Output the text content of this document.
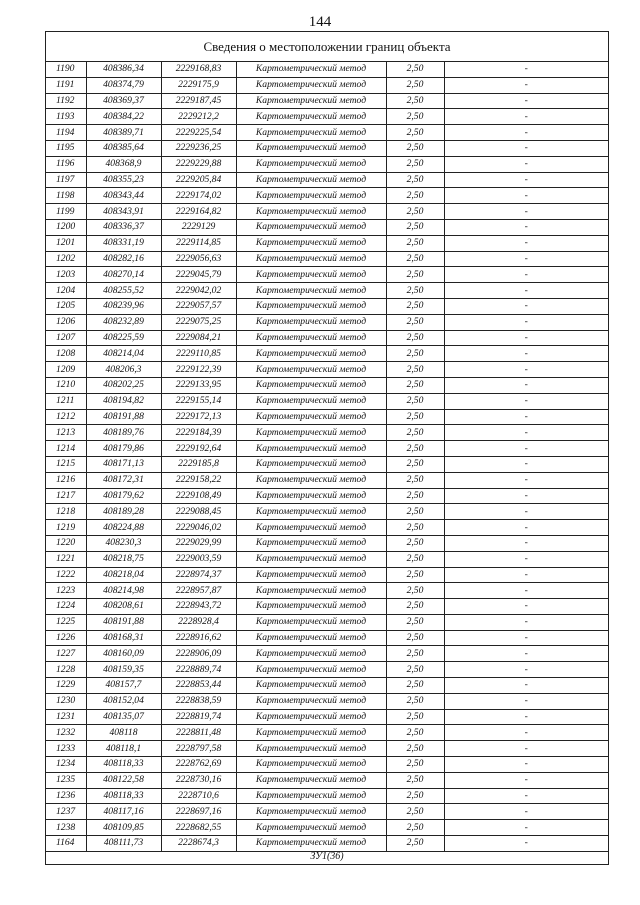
144
Сведения о местоположении границ объекта
1190	408386,34	2229168,83	Картометрический метод	2,50	-
1191	408374,79	2229175,9	Картометрический метод	2,50	-
1192	408369,37	2229187,45	Картометрический метод	2,50	-
1193	408384,22	2229212,2	Картометрический метод	2,50	-
1194	408389,71	2229225,54	Картометрический метод	2,50	-
1195	408385,64	2229236,25	Картометрический метод	2,50	-
1196	408368,9	2229229,88	Картометрический метод	2,50	-
1197	408355,23	2229205,84	Картометрический метод	2,50	-
1198	408343,44	2229174,02	Картометрический метод	2,50	-
1199	408343,91	2229164,82	Картометрический метод	2,50	-
1200	408336,37	2229129	Картометрический метод	2,50	-
1201	408331,19	2229114,85	Картометрический метод	2,50	-
1202	408282,16	2229056,63	Картометрический метод	2,50	-
1203	408270,14	2229045,79	Картометрический метод	2,50	-
1204	408255,52	2229042,02	Картометрический метод	2,50	-
1205	408239,96	2229057,57	Картометрический метод	2,50	-
1206	408232,89	2229075,25	Картометрический метод	2,50	-
1207	408225,59	2229084,21	Картометрический метод	2,50	-
1208	408214,04	2229110,85	Картометрический метод	2,50	-
1209	408206,3	2229122,39	Картометрический метод	2,50	-
1210	408202,25	2229133,95	Картометрический метод	2,50	-
1211	408194,82	2229155,14	Картометрический метод	2,50	-
1212	408191,88	2229172,13	Картометрический метод	2,50	-
1213	408189,76	2229184,39	Картометрический метод	2,50	-
1214	408179,86	2229192,64	Картометрический метод	2,50	-
1215	408171,13	2229185,8	Картометрический метод	2,50	-
1216	408172,31	2229158,22	Картометрический метод	2,50	-
1217	408179,62	2229108,49	Картометрический метод	2,50	-
1218	408189,28	2229088,45	Картометрический метод	2,50	-
1219	408224,88	2229046,02	Картометрический метод	2,50	-
1220	408230,3	2229029,99	Картометрический метод	2,50	-
1221	408218,75	2229003,59	Картометрический метод	2,50	-
1222	408218,04	2228974,37	Картометрический метод	2,50	-
1223	408214,98	2228957,87	Картометрический метод	2,50	-
1224	408208,61	2228943,72	Картометрический метод	2,50	-
1225	408191,88	2228928,4	Картометрический метод	2,50	-
1226	408168,31	2228916,62	Картометрический метод	2,50	-
1227	408160,09	2228906,09	Картометрический метод	2,50	-
1228	408159,35	2228889,74	Картометрический метод	2,50	-
1229	408157,7	2228853,44	Картометрический метод	2,50	-
1230	408152,04	2228838,59	Картометрический метод	2,50	-
1231	408135,07	2228819,74	Картометрический метод	2,50	-
1232	408118	2228811,48	Картометрический метод	2,50	-
1233	408118,1	2228797,58	Картометрический метод	2,50	-
1234	408118,33	2228762,69	Картометрический метод	2,50	-
1235	408122,58	2228730,16	Картометрический метод	2,50	-
1236	408118,33	2228710,6	Картометрический метод	2,50	-
1237	408117,16	2228697,16	Картометрический метод	2,50	-
1238	408109,85	2228682,55	Картометрический метод	2,50	-
1164	408111,73	2228674,3	Картометрический метод	2,50	-
ЗУ1(36)
